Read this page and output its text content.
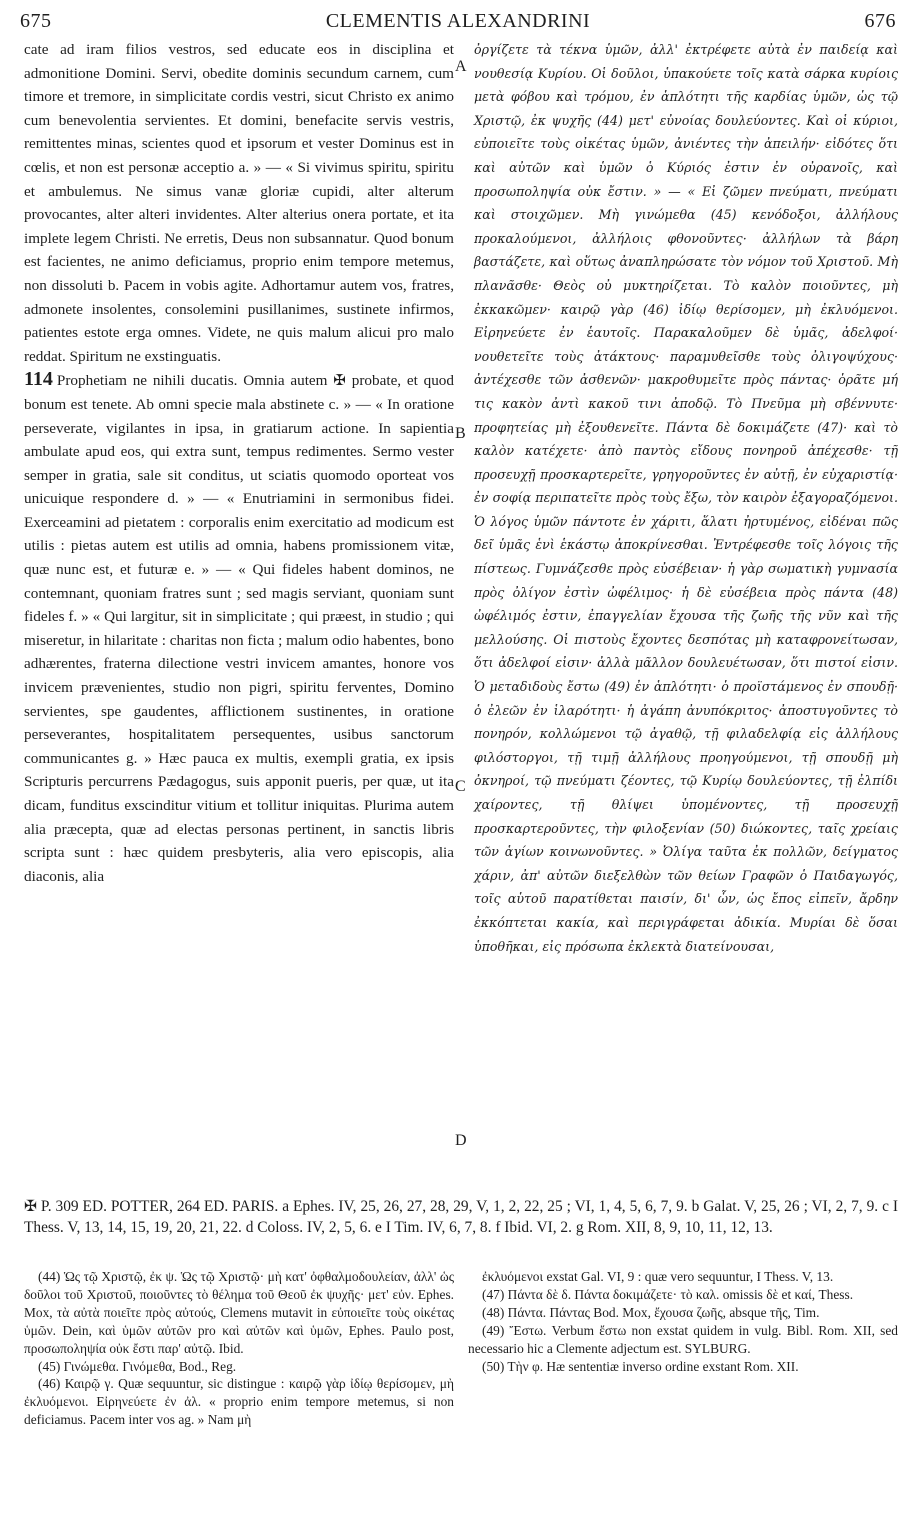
675	CLEMENTIS ALEXANDRINI	676

cate ad iram filios vestros, sed educate eos in disciplina et admonitione Domini. Servi, obedite dominis secundum carnem, cum timore et tremore, in simplicitate cordis vestri, sicut Christo ex animo cum benevolentia servientes. Et domini, benefacite servis vestris, remittentes minas, scientes quod et ipsorum et vester Dominus est in cœlis, et non est personæ acceptio a. » — « Si vivimus spiritu, spiritu et ambulemus. Ne simus vanæ gloriæ cupidi, alter alterum provocantes, alter alteri invidentes. Alter alterius onera portate, et ita implete legem Christi. Ne erretis, Deus non subsannatur. Quod bonum est facientes, ne animo deficiamus, proprio enim tempore metemus, non dissoluti b. Pacem in vobis agite. Adhortamur autem vos, fratres, admonete insolentes, consolemini pusillanimes, sustinete infirmos, patientes estote erga omnes. Videte, ne quis malum alicui pro malo reddat. Spiritum ne exstinguatis.

114 Prophetiam ne nihili ducatis. Omnia autem ✠ probate, et quod bonum est tenete. Ab omni specie mala abstinete c. » — « In oratione perseverate, vigilantes in ipsa, in gratiarum actione. In sapientia ambulate apud eos, qui extra sunt, tempus redimentes. Sermo vester semper in gratia, sale sit conditus, ut sciatis quomodo oporteat vos unicuique respondere d. » — « Enutriamini in sermonibus fidei. Exerceamini ad pietatem : corporalis enim exercitatio ad modicum est utilis : pietas autem est utilis ad omnia, habens promissionem vitæ, quæ nunc est, et futuræ e. » — « Qui fideles habent dominos, ne contemnant, quoniam fratres sunt ; sed magis serviant, quoniam sunt fideles f. » « Qui largitur, sit in simplicitate ; qui præest, in studio ; qui miseretur, in hilaritate : charitas non ficta ; malum odio habentes, bono adhærentes, fraterna dilectione vestri invicem amantes, honore vos invicem prævenientes, studio non pigri, spiritu ferventes, Domino servientes, spe gaudentes, afflictionem sustinentes, in oratione perseverantes, hospitalitatem persequentes, usibus sanctorum communicantes g. » Hæc pauca ex multis, exempli gratia, ex ipsis Scripturis percurrens Pædagogus, suis apponit pueris, per quæ, ut ita dicam, funditus exscinditur vitium et tollitur iniquitas. Plurima autem alia præcepta, quæ ad electas personas pertinent, in sanctis libris scripta sunt : hæc quidem presbyteris, alia vero episcopis, alia diaconis, alia

A
B
C
D

ὀργίζετε τὰ τέκνα ὑμῶν, ἀλλ' ἐκτρέφετε αὐτὰ ἐν παιδείᾳ καὶ νουθεσίᾳ Κυρίου. Οἱ δοῦλοι, ὑπακούετε τοῖς κατὰ σάρκα κυρίοις μετὰ φόβου καὶ τρόμου, ἐν ἁπλότητι τῆς καρδίας ὑμῶν, ὡς τῷ Χριστῷ, ἐκ ψυχῆς (44) μετ' εὐνοίας δουλεύοντες. Καὶ οἱ κύριοι, εὐποιεῖτε τοὺς οἰκέτας ὑμῶν, ἀνιέντες τὴν ἀπειλήν· εἰδότες ὅτι καὶ αὐτῶν καὶ ὑμῶν ὁ Κύριός ἐστιν ἐν οὐρανοῖς, καὶ προσωποληψία οὐκ ἔστιν. » — « Εἰ ζῶμεν πνεύματι, πνεύματι καὶ στοιχῶμεν. Μὴ γινώμεθα (45) κενόδοξοι, ἀλλήλους προκαλούμενοι, ἀλλήλοις φθονοῦντες· ἀλλήλων τὰ βάρη βαστάζετε, καὶ οὕτως ἀναπληρώσατε τὸν νόμον τοῦ Χριστοῦ. Μὴ πλανᾶσθε· Θεὸς οὐ μυκτηρίζεται. Τὸ καλὸν ποιοῦντες, μὴ ἐκκακῶμεν· καιρῷ γὰρ (46) ἰδίῳ θερίσομεν, μὴ ἐκλυόμενοι. Εἰρηνεύετε ἐν ἑαυτοῖς. Παρακαλοῦμεν δὲ ὑμᾶς, ἀδελφοί· νουθετεῖτε τοὺς ἀτάκτους· παραμυθεῖσθε τοὺς ὀλιγοψύχους· ἀντέχεσθε τῶν ἀσθενῶν· μακροθυμεῖτε πρὸς πάντας· ὁρᾶτε μή τις κακὸν ἀντὶ κακοῦ τινι ἀποδῷ. Τὸ Πνεῦμα μὴ σβέννυτε· προφητείας μὴ ἐξουθενεῖτε. Πάντα δὲ δοκιμάζετε (47)· καὶ τὸ καλὸν κατέχετε· ἀπὸ παντὸς εἴδους πονηροῦ ἀπέχεσθε· τῇ προσευχῇ προσκαρτερεῖτε, γρηγοροῦντες ἐν αὐτῇ, ἐν εὐχαριστίᾳ· ἐν σοφίᾳ περιπατεῖτε πρὸς τοὺς ἔξω, τὸν καιρὸν ἐξαγοραζόμενοι. Ὁ λόγος ὑμῶν πάντοτε ἐν χάριτι, ἅλατι ἠρτυμένος, εἰδέναι πῶς δεῖ ὑμᾶς ἑνὶ ἑκάστῳ ἀποκρίνεσθαι. Ἐντρέφεσθε τοῖς λόγοις τῆς πίστεως. Γυμνάζεσθε πρὸς εὐσέβειαν· ἡ γὰρ σωματικὴ γυμνασία πρὸς ὀλίγον ἐστὶν ὠφέλιμος· ἡ δὲ εὐσέβεια πρὸς πάντα (48) ὠφέλιμός ἐστιν, ἐπαγγελίαν ἔχουσα τῆς ζωῆς τῆς νῦν καὶ τῆς μελλούσης. Οἱ πιστοὺς ἔχοντες δεσπότας μὴ καταφρονείτωσαν, ὅτι ἀδελφοί εἰσιν· ἀλλὰ μᾶλλον δουλευέτωσαν, ὅτι πιστοί εἰσιν. Ὁ μεταδιδοὺς ἔστω (49) ἐν ἁπλότητι· ὁ προϊστάμενος ἐν σπουδῇ· ὁ ἐλεῶν ἐν ἱλαρότητι· ἡ ἀγάπη ἀνυπόκριτος· ἀποστυγοῦντες τὸ πονηρόν, κολλώμενοι τῷ ἀγαθῷ, τῇ φιλαδελφίᾳ εἰς ἀλλήλους φιλόστοργοι, τῇ τιμῇ ἀλλήλους προηγούμενοι, τῇ σπουδῇ μὴ ὀκνηροί, τῷ πνεύματι ζέοντες, τῷ Κυρίῳ δουλεύοντες, τῇ ἐλπίδι χαίροντες, τῇ θλίψει ὑπομένοντες, τῇ προσευχῇ προσκαρτεροῦντες, τὴν φιλοξενίαν (50) διώκοντες, ταῖς χρείαις τῶν ἁγίων κοινωνοῦντες. » Ὀλίγα ταῦτα ἐκ πολλῶν, δείγματος χάριν, ἀπ' αὐτῶν διεξελθὼν τῶν θείων Γραφῶν ὁ Παιδαγωγός, τοῖς αὑτοῦ παρατίθεται παισίν, δι' ὧν, ὡς ἔπος εἰπεῖν, ἄρδην ἐκκόπτεται κακία, καὶ περιγράφεται ἀδικία. Μυρίαι δὲ ὅσαι ὑποθῆκαι, εἰς πρόσωπα ἐκλεκτὰ διατείνουσαι,

✠ P. 309 ED. POTTER, 264 ED. PARIS. a Ephes. IV, 25, 26, 27, 28, 29, V, 1, 2, 22, 25 ; VI, 1, 4, 5, 6, 7, 9. b Galat. V, 25, 26 ; VI, 2, 7, 9. c I Thess. V, 13, 14, 15, 19, 20, 21, 22. d Coloss. IV, 2, 5, 6. e I Tim. IV, 6, 7, 8. f Ibid. VI, 2. g Rom. XII, 8, 9, 10, 11, 12, 13.

(44) Ὡς τῷ Χριστῷ, ἐκ ψ. Ὡς τῷ Χριστῷ· μὴ κατ' ὀφθαλμοδουλείαν, ἀλλ' ὡς δοῦλοι τοῦ Χριστοῦ, ποιοῦντες τὸ θέλημα τοῦ Θεοῦ ἐκ ψυχῆς· μετ' εὐν. Ephes. Mox, τὰ αὐτὰ ποιεῖτε πρὸς αὐτούς, Clemens mutavit in εὐποιεῖτε τοὺς οἰκέτας ὑμῶν. Dein, καὶ ὑμῶν αὐτῶν pro καὶ αὐτῶν καὶ ὑμῶν, Ephes. Paulo post, προσωποληψία οὐκ ἔστι παρ' αὐτῷ. Ibid.

(45) Γινώμεθα. Γινόμεθα, Bod., Reg.

(46) Καιρῷ γ. Quæ sequuntur, sic distingue : καιρῷ γὰρ ἰδίῳ θερίσομεν, μὴ ἐκλυόμενοι. Εἰρηνεύετε ἐν ἀλ. « proprio enim tempore metemus, si non deficiamus. Pacem inter vos ag. » Nam μὴ

ἐκλυόμενοι exstat Gal. VI, 9 : quæ vero sequuntur, I Thess. V, 13.

(47) Πάντα δὲ δ. Πάντα δοκιμάζετε· τὸ καλ. omissis δὲ et καί, Thess.

(48) Πάντα. Πάντας Bod. Mox, ἔχουσα ζωῆς, absque τῆς, Tim.

(49) Ἔστω. Verbum ἔστω non exstat quidem in vulg. Bibl. Rom. XII, sed necessario hic a Clemente adjectum est. SYLBURG.

(50) Τὴν φ. Hæ sententiæ inverso ordine exstant Rom. XII.
